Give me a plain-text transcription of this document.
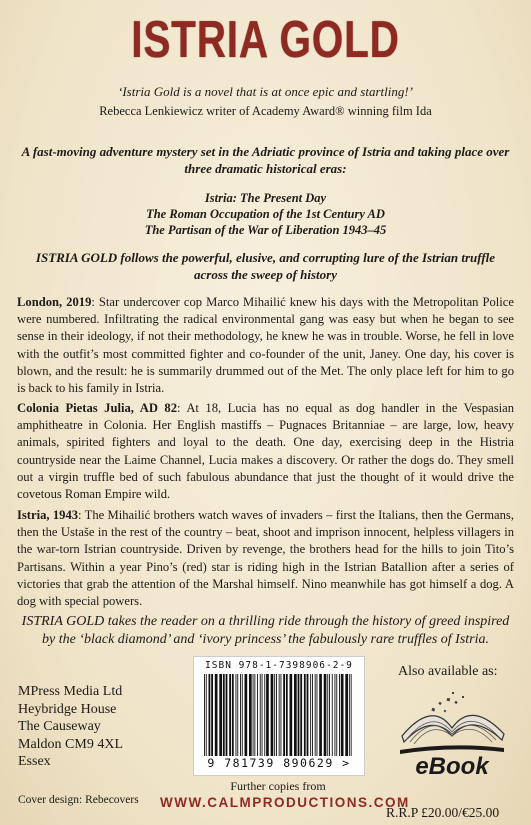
ISTRIA GOLD
‘Istria Gold is a novel that is at once epic and startling!’
Rebecca Lenkiewicz writer of Academy Award® winning film Ida
A fast-moving adventure mystery set in the Adriatic province of Istria and taking place over three dramatic historical eras:
Istria: The Present Day
The Roman Occupation of the 1st Century AD
The Partisan of the War of Liberation 1943–45
ISTRIA GOLD follows the powerful, elusive, and corrupting lure of the Istrian truffle across the sweep of history
London, 2019: Star undercover cop Marco Mihailić knew his days with the Metropolitan Police were numbered. Infiltrating the radical environmental gang was easy but when he began to see sense in their ideology, if not their methodology, he knew he was in trouble. Worse, he fell in love with the outfit’s most committed fighter and co-founder of the unit, Janey. One day, his cover is blown, and the result: he is summarily drummed out of the Met. The only place left for him to go is back to his family in Istria.
Colonia Pietas Julia, AD 82: At 18, Lucia has no equal as dog handler in the Vespasian amphitheatre in Colonia. Her English mastiffs – Pugnaces Britanniae – are large, low, heavy animals, spirited fighters and loyal to the death. One day, exercising deep in the Histria countryside near the Laime Channel, Lucia makes a discovery. Or rather the dogs do. They smell out a virgin truffle bed of such fabulous abundance that just the thought of it would drive the covetous Roman Empire wild.
Istria, 1943: The Mihailić brothers watch waves of invaders – first the Italians, then the Germans, then the Ustaše in the rest of the country – beat, shoot and imprison innocent, helpless villagers in the war-torn Istrian countryside. Driven by revenge, the brothers head for the hills to join Tito’s Partisans. Within a year Pino’s (red) star is riding high in the Istrian Batallion after a series of victories that grab the attention of the Marshal himself. Nino meanwhile has got himself a dog. A dog with special powers.
ISTRIA GOLD takes the reader on a thrilling ride through the history of greed inspired by the ‘black diamond’ and ‘ivory princess’ the fabulously rare truffles of Istria.
MPress Media Ltd
Heybridge House
The Causeway
Maldon CM9 4XL
Essex
Cover design: Rebecovers
ISBN 978-1-7398906-2-9
9 781739 890629 >
Further copies from
WWW.CALMPRODUCTIONS.COM
Also available as:
eBook
R.R.P £20.00/€25.00
